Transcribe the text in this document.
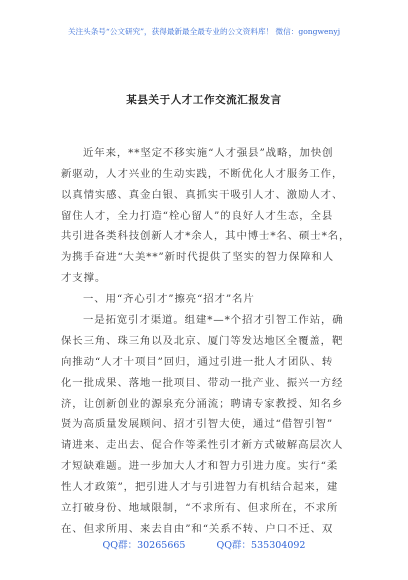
关注头条号“公文研究”，获得最新最全最专业的公文资料库！ 微信：gongwenyj
某县关于人才工作交流汇报发言
近年来，**坚定不移实施“人才强县”战略，加快创
新驱动，人才兴业的生动实践，不断优化人才服务工作，
以真情实感、真金白银、真抓实干吸引人才、激励人才、
留住人才，全力打造“栓心留人”的良好人才生态，全县
共引进各类科技创新人才*余人，其中博士*名、硕士*名，
为携手奋进“大美**”新时代提供了坚实的智力保障和人
才支撑。
一、用“齐心引才”擦亮“招才”名片
一是拓宽引才渠道。组建*—*个招才引智工作站，确
保长三角、珠三角以及北京、厦门等发达地区全覆盖，靶
向推动“人才十项目”回归，通过引进一批人才团队、转
化一批成果、落地一批项目、带动一批产业、振兴一方经
济，让创新创业的源泉充分涌流；聘请专家教授、知名乡
贤为高质量发展顾问、招才引智大使，通过“借智引智”
请进来、走出去、促合作等柔性引才新方式破解高层次人
才短缺难题。进一步加大人才和智力引进力度。实行“柔
性人才政策”，把引进人才与引进智力有机结合起来，建
立打破身份、地域限制，“不求所有、但求所在，不求所
在、但求所用、来去自由”和“关系不转、户口不迁、双
QQ群：30265665	QQ群：535304092
